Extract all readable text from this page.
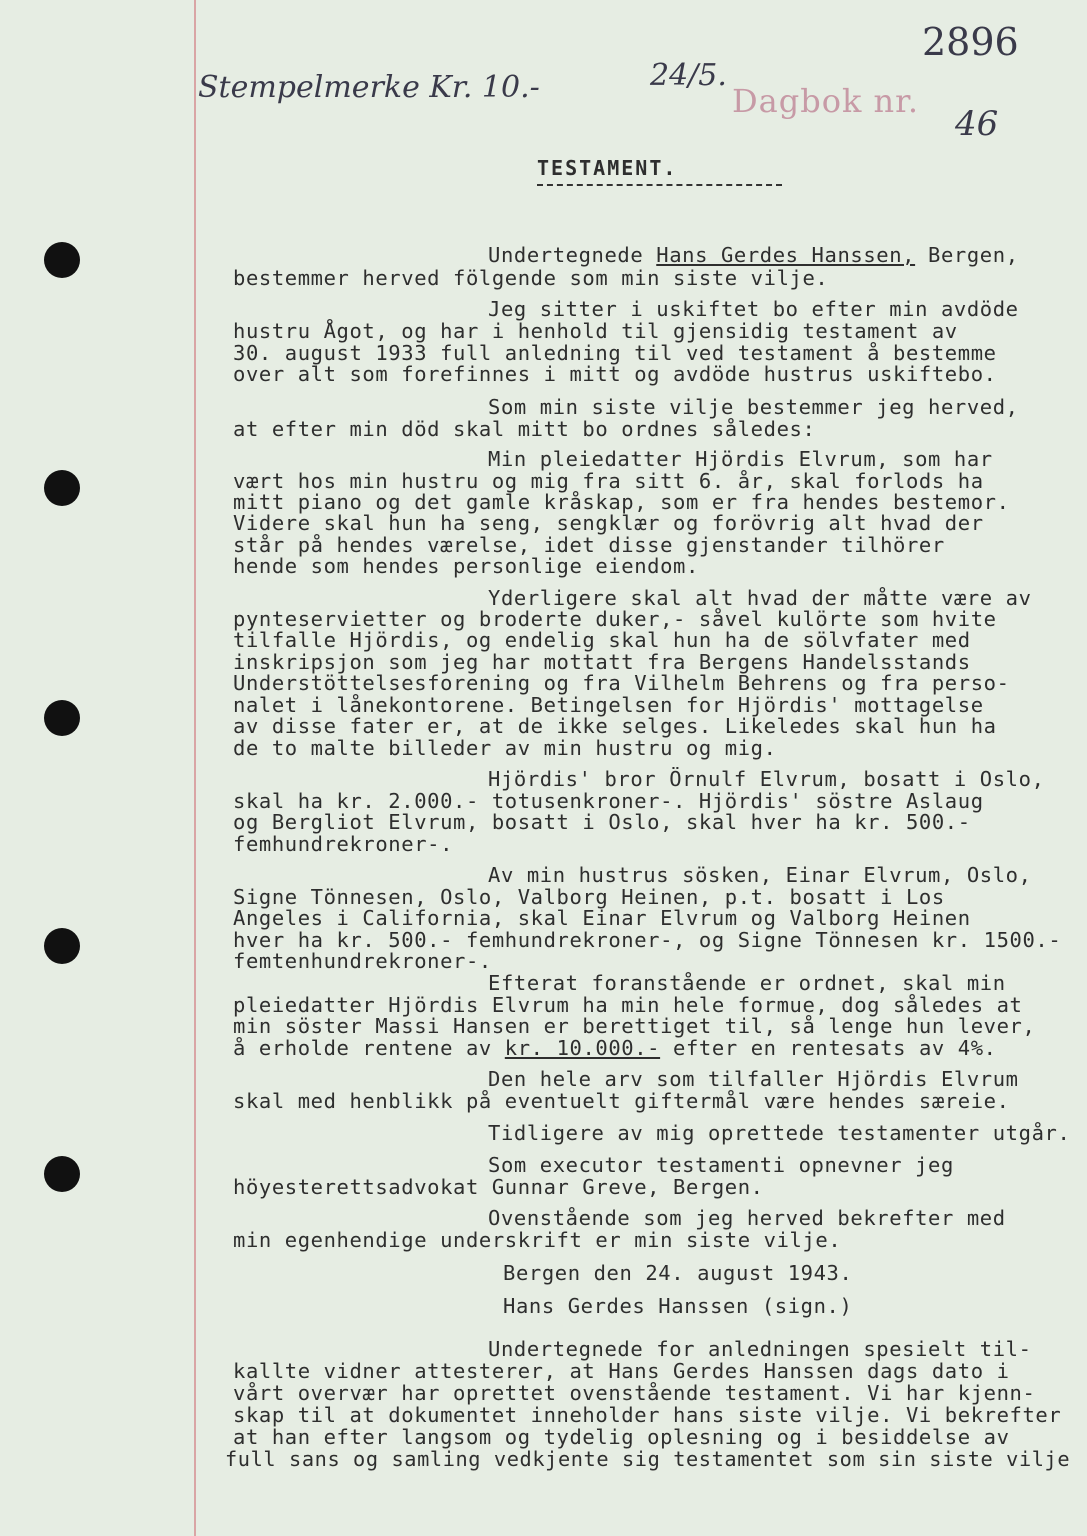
Stempelmerke Kr. 10.-	24/5.
Dagbok nr.
2896
46
TESTAMENT.
Undertegnede Hans Gerdes Hanssen, Bergen,
bestemmer herved fölgende som min siste vilje.
Jeg sitter i uskiftet bo efter min avdöde
hustru Ågot, og har i henhold til gjensidig testament av
30. august 1933 full anledning til ved testament å bestemme
over alt som forefinnes i mitt og avdöde hustrus uskiftebo.
Som min siste vilje bestemmer jeg herved,
at efter min död skal mitt bo ordnes således:
Min pleiedatter Hjördis Elvrum, som har
vært hos min hustru og mig fra sitt 6. år, skal forlods ha
mitt piano og det gamle kråskap, som er fra hendes bestemor.
Videre skal hun ha seng, sengklær og forövrig alt hvad der
står på hendes værelse, idet disse gjenstander tilhörer
hende som hendes personlige eiendom.
Yderligere skal alt hvad der måtte være av
pynteservietter og broderte duker,- såvel kulörte som hvite
tilfalle Hjördis, og endelig skal hun ha de sölvfater med
inskripsjon som jeg har mottatt fra Bergens Handelsstands
Understöttelsesforening og fra Vilhelm Behrens og fra perso-
nalet i lånekontorene. Betingelsen for Hjördis' mottagelse
av disse fater er, at de ikke selges. Likeledes skal hun ha
de to malte billeder av min hustru og mig.
Hjördis' bror Örnulf Elvrum, bosatt i Oslo,
skal ha kr. 2.000.- totusenkroner-. Hjördis' söstre Aslaug
og Bergliot Elvrum, bosatt i Oslo, skal hver ha kr. 500.-
femhundrekroner-.
Av min hustrus sösken, Einar Elvrum, Oslo,
Signe Tönnesen, Oslo, Valborg Heinen, p.t. bosatt i Los
Angeles i California, skal Einar Elvrum og Valborg Heinen
hver ha kr. 500.- femhundrekroner-, og Signe Tönnesen kr. 1500.-
femtenhundrekroner-.
Efterat foranstående er ordnet, skal min
pleiedatter Hjördis Elvrum ha min hele formue, dog således at
min söster Massi Hansen er berettiget til, så lenge hun lever,
å erholde rentene av kr. 10.000.- efter en rentesats av 4%.
Den hele arv som tilfaller Hjördis Elvrum
skal med henblikk på eventuelt giftermål være hendes særeie.
Tidligere av mig oprettede testamenter utgår.
Som executor testamenti opnevner jeg
höyesterettsadvokat Gunnar Greve, Bergen.
Ovenstående som jeg herved bekrefter med
min egenhendige underskrift er min siste vilje.
Bergen den 24. august 1943.
Hans Gerdes Hanssen (sign.)
Undertegnede for anledningen spesielt til-
kallte vidner attesterer, at Hans Gerdes Hanssen dags dato i
vårt overvær har oprettet ovenstående testament. Vi har kjenn-
skap til at dokumentet inneholder hans siste vilje. Vi bekrefter
at han efter langsom og tydelig oplesning og i besiddelse av
full sans og samling vedkjente sig testamentet som sin siste vilje
